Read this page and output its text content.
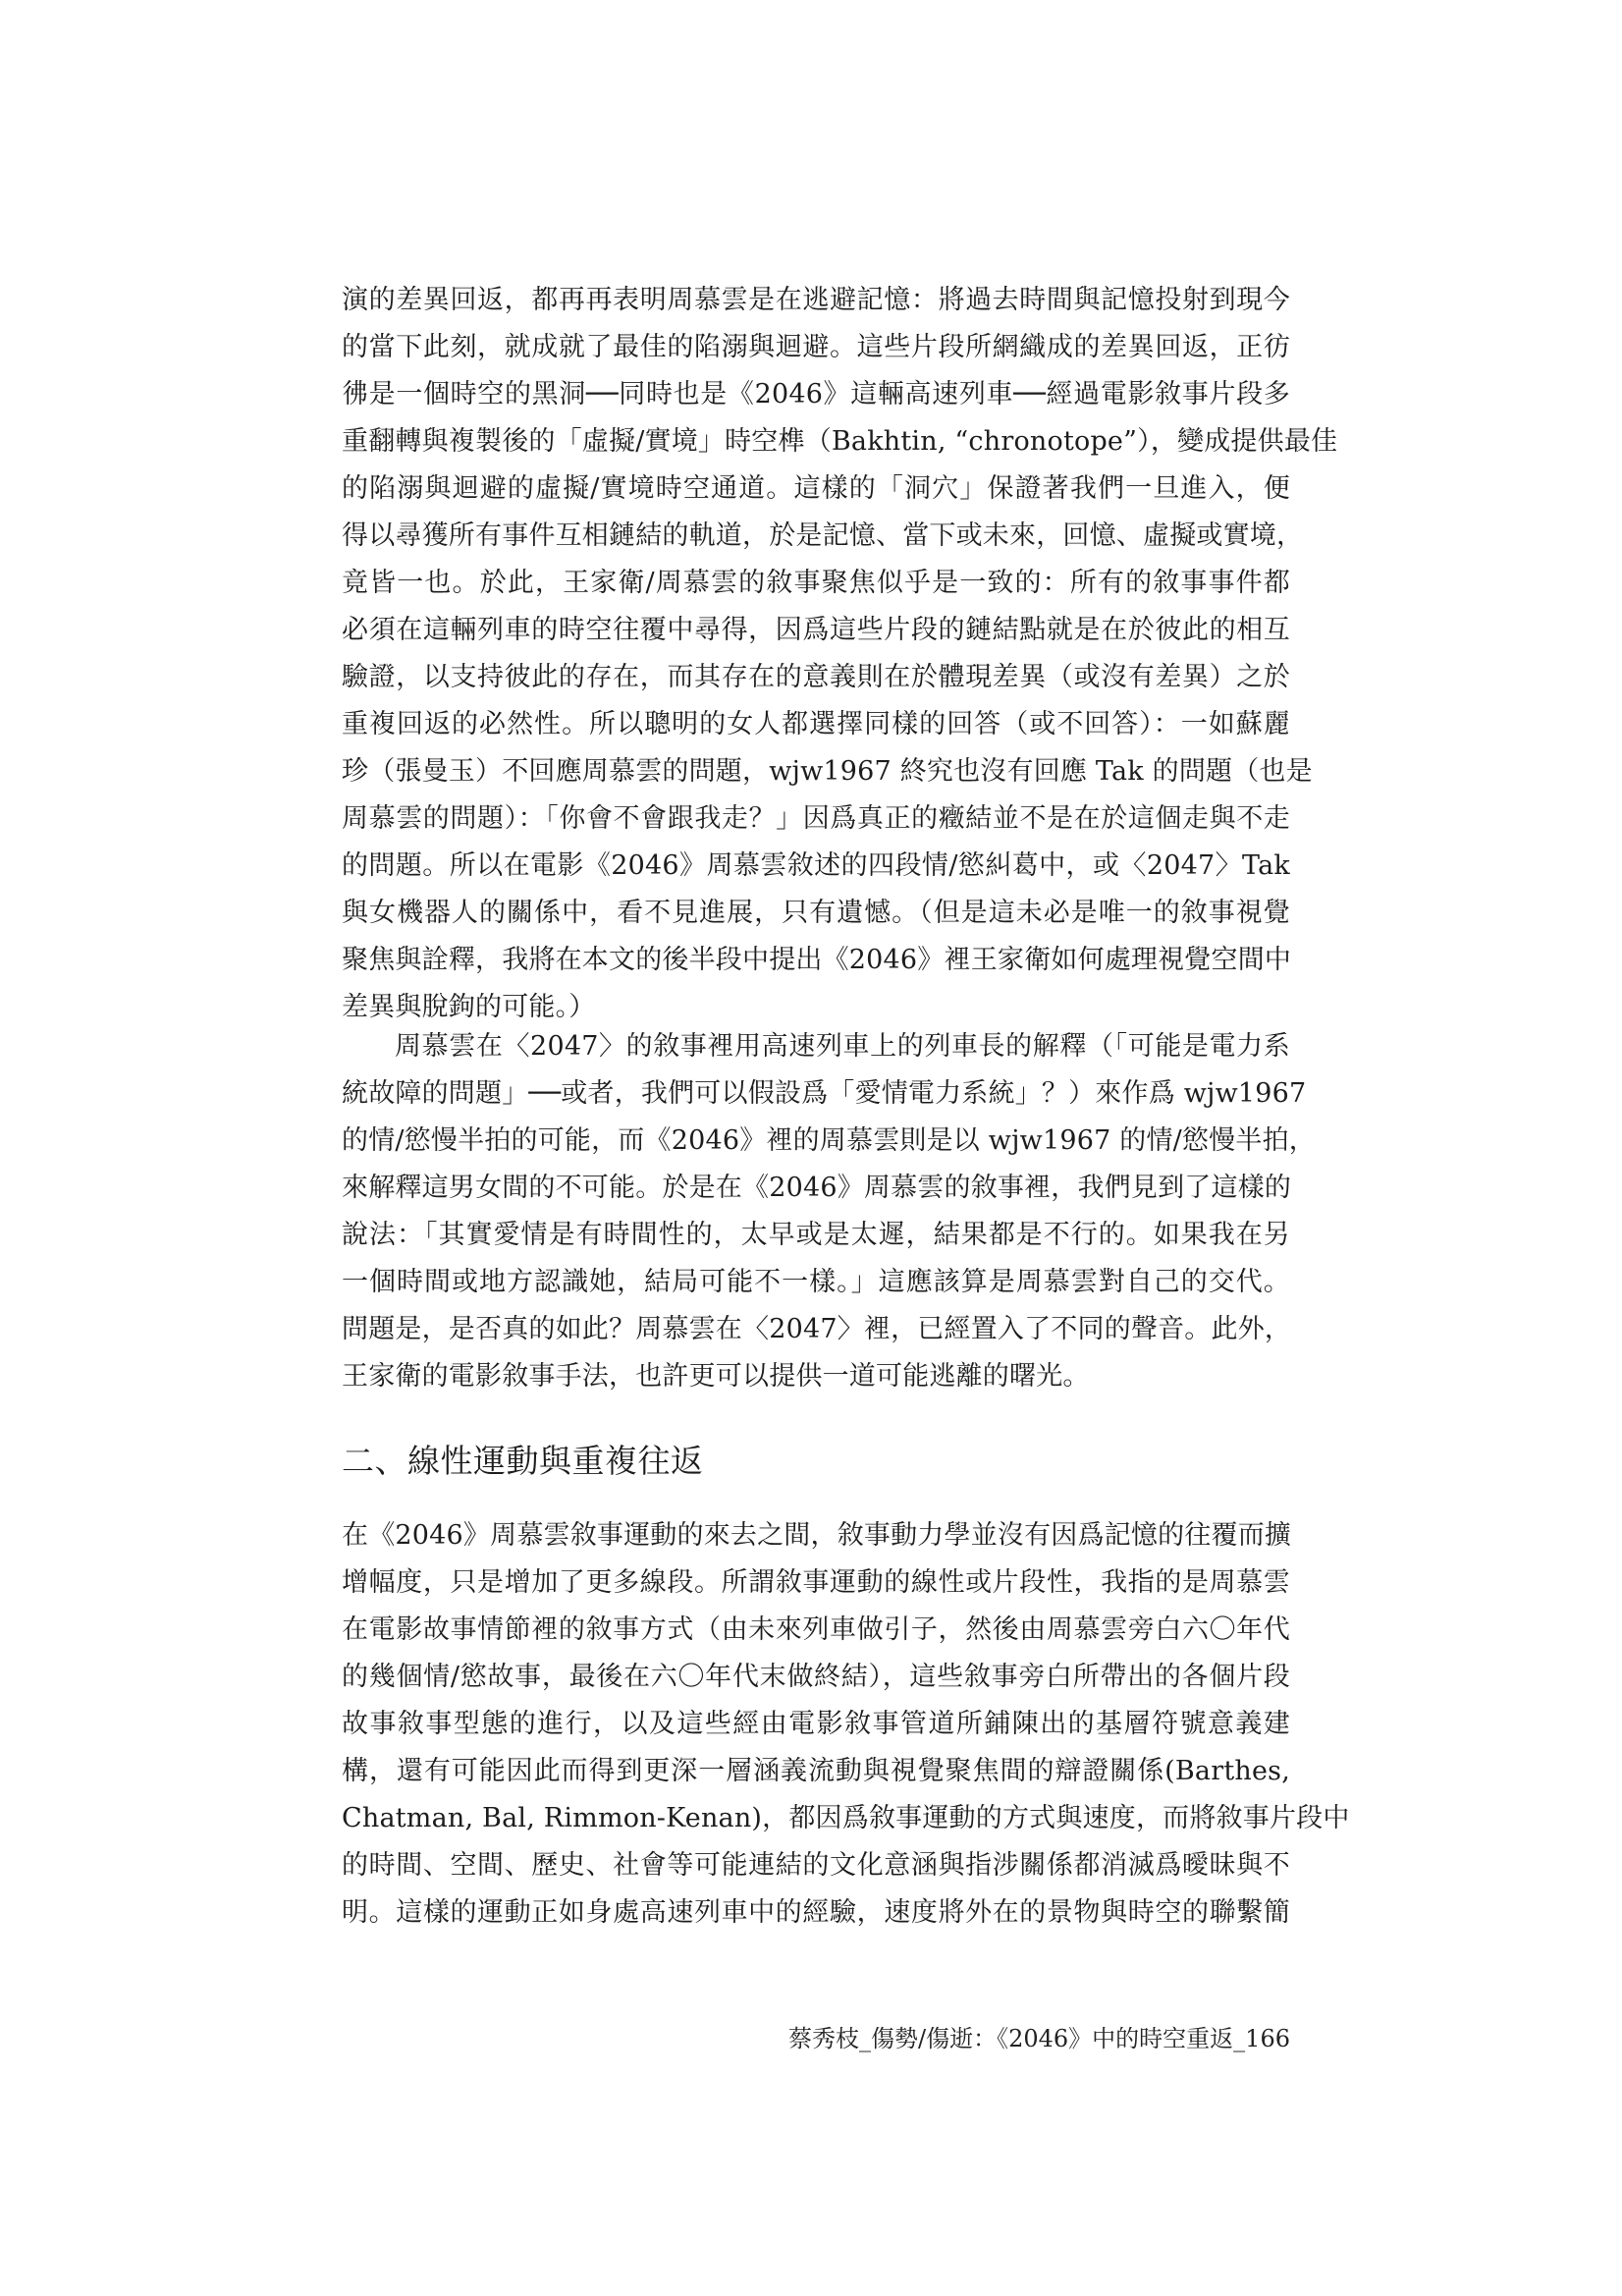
演的差異回返，都再再表明周慕雲是在逃避記憶：將過去時間與記憶投射到現今
的當下此刻，就成就了最佳的陷溺與迴避。這些片段所網織成的差異回返，正彷
彿是一個時空的黑洞──同時也是《2046》這輛高速列車──經過電影敘事片段多
重翻轉與複製後的「虛擬/實境」時空榫（Bakhtin, “chronotope”），變成提供最佳
的陷溺與迴避的虛擬/實境時空通道。這樣的「洞穴」保證著我們一旦進入，便
得以尋獲所有事件互相鏈結的軌道，於是記憶、當下或未來，回憶、虛擬或實境，
竟皆一也。於此，王家衛/周慕雲的敘事聚焦似乎是一致的：所有的敘事事件都
必須在這輛列車的時空往覆中尋得，因爲這些片段的鏈結點就是在於彼此的相互
驗證，以支持彼此的存在，而其存在的意義則在於體現差異（或沒有差異）之於
重複回返的必然性。所以聰明的女人都選擇同樣的回答（或不回答）：一如蘇麗
珍（張曼玉）不回應周慕雲的問題，wjw1967 終究也沒有回應 Tak 的問題（也是
周慕雲的問題）：「你會不會跟我走？」因爲真正的癥結並不是在於這個走與不走
的問題。所以在電影《2046》周慕雲敘述的四段情/慾糾葛中，或〈2047〉Tak
與女機器人的關係中，看不見進展，只有遺憾。（但是這未必是唯一的敘事視覺
聚焦與詮釋，我將在本文的後半段中提出《2046》裡王家衛如何處理視覺空間中
差異與脫鉤的可能。）
周慕雲在〈2047〉的敘事裡用高速列車上的列車長的解釋（「可能是電力系
統故障的問題」──或者，我們可以假設爲「愛情電力系統」？）來作爲 wjw1967
的情/慾慢半拍的可能，而《2046》裡的周慕雲則是以 wjw1967 的情/慾慢半拍，
來解釋這男女間的不可能。於是在《2046》周慕雲的敘事裡，我們見到了這樣的
說法：「其實愛情是有時間性的，太早或是太遲，結果都是不行的。如果我在另
一個時間或地方認識她，結局可能不一樣。」這應該算是周慕雲對自己的交代。
問題是，是否真的如此？周慕雲在〈2047〉裡，已經置入了不同的聲音。此外，
王家衛的電影敘事手法，也許更可以提供一道可能逃離的曙光。
二、線性運動與重複往返
在《2046》周慕雲敘事運動的來去之間，敘事動力學並沒有因爲記憶的往覆而擴
增幅度，只是增加了更多線段。所謂敘事運動的線性或片段性，我指的是周慕雲
在電影故事情節裡的敘事方式（由未來列車做引子，然後由周慕雲旁白六〇年代
的幾個情/慾故事，最後在六〇年代末做終結），這些敘事旁白所帶出的各個片段
故事敘事型態的進行，以及這些經由電影敘事管道所鋪陳出的基層符號意義建
構，還有可能因此而得到更深一層涵義流動與視覺聚焦間的辯證關係(Barthes,
Chatman, Bal, Rimmon-Kenan)，都因爲敘事運動的方式與速度，而將敘事片段中
的時間、空間、歷史、社會等可能連結的文化意涵與指涉關係都消滅爲曖昧與不
明。這樣的運動正如身處高速列車中的經驗，速度將外在的景物與時空的聯繫簡
蔡秀枝_傷勢/傷逝：《2046》中的時空重返_166
